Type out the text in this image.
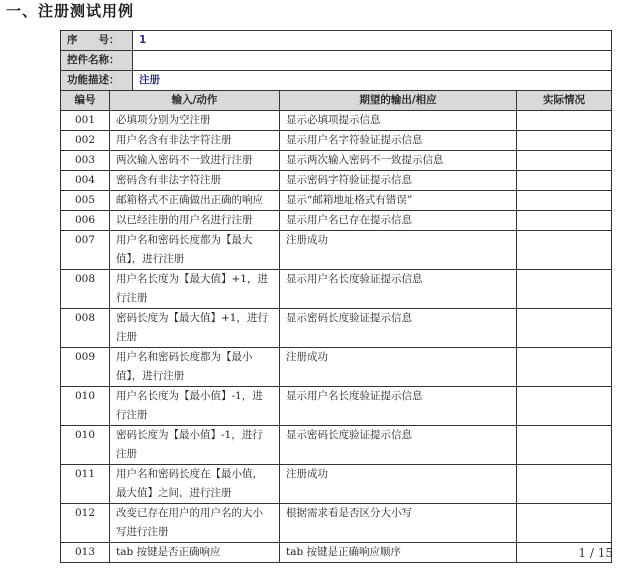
一、注册测试用例
序　　号：		1		
控件名称：				
功能描述：		注册		
编号	输入/动作		期望的输出/相应	实际情况
001	必填项分别为空注册		显示必填项提示信息	
002	用户名含有非法字符注册		显示用户名字符验证提示信息	
003	两次输入密码不一致进行注册		显示两次输入密码不一致提示信息	
004	密码含有非法字符注册		显示密码字符验证提示信息	
005	邮箱格式不正确做出正确的响应		显示“邮箱地址格式有错误”	
006	以已经注册的用户名进行注册		显示用户名已存在提示信息	
007	用户名和密码长度都为【最大值】，进行注册		注册成功	
008	用户名长度为【最大值】+1，进行注册		显示用户名长度验证提示信息	
008	密码长度为【最大值】+1，进行注册		显示密码长度验证提示信息	
009	用户名和密码长度都为【最小值】，进行注册		注册成功	
010	用户名长度为【最小值】-1，进行注册		显示用户名长度验证提示信息	
010	密码长度为【最小值】-1，进行注册		显示密码长度验证提示信息	
011	用户名和密码长度在【最小值，最大值】之间，进行注册		注册成功	
012	改变已存在用户的用户名的大小写进行注册		根据需求看是否区分大小写	
013	tab 按键是否正确响应		tab 按键是正确响应顺序		1 / 15
